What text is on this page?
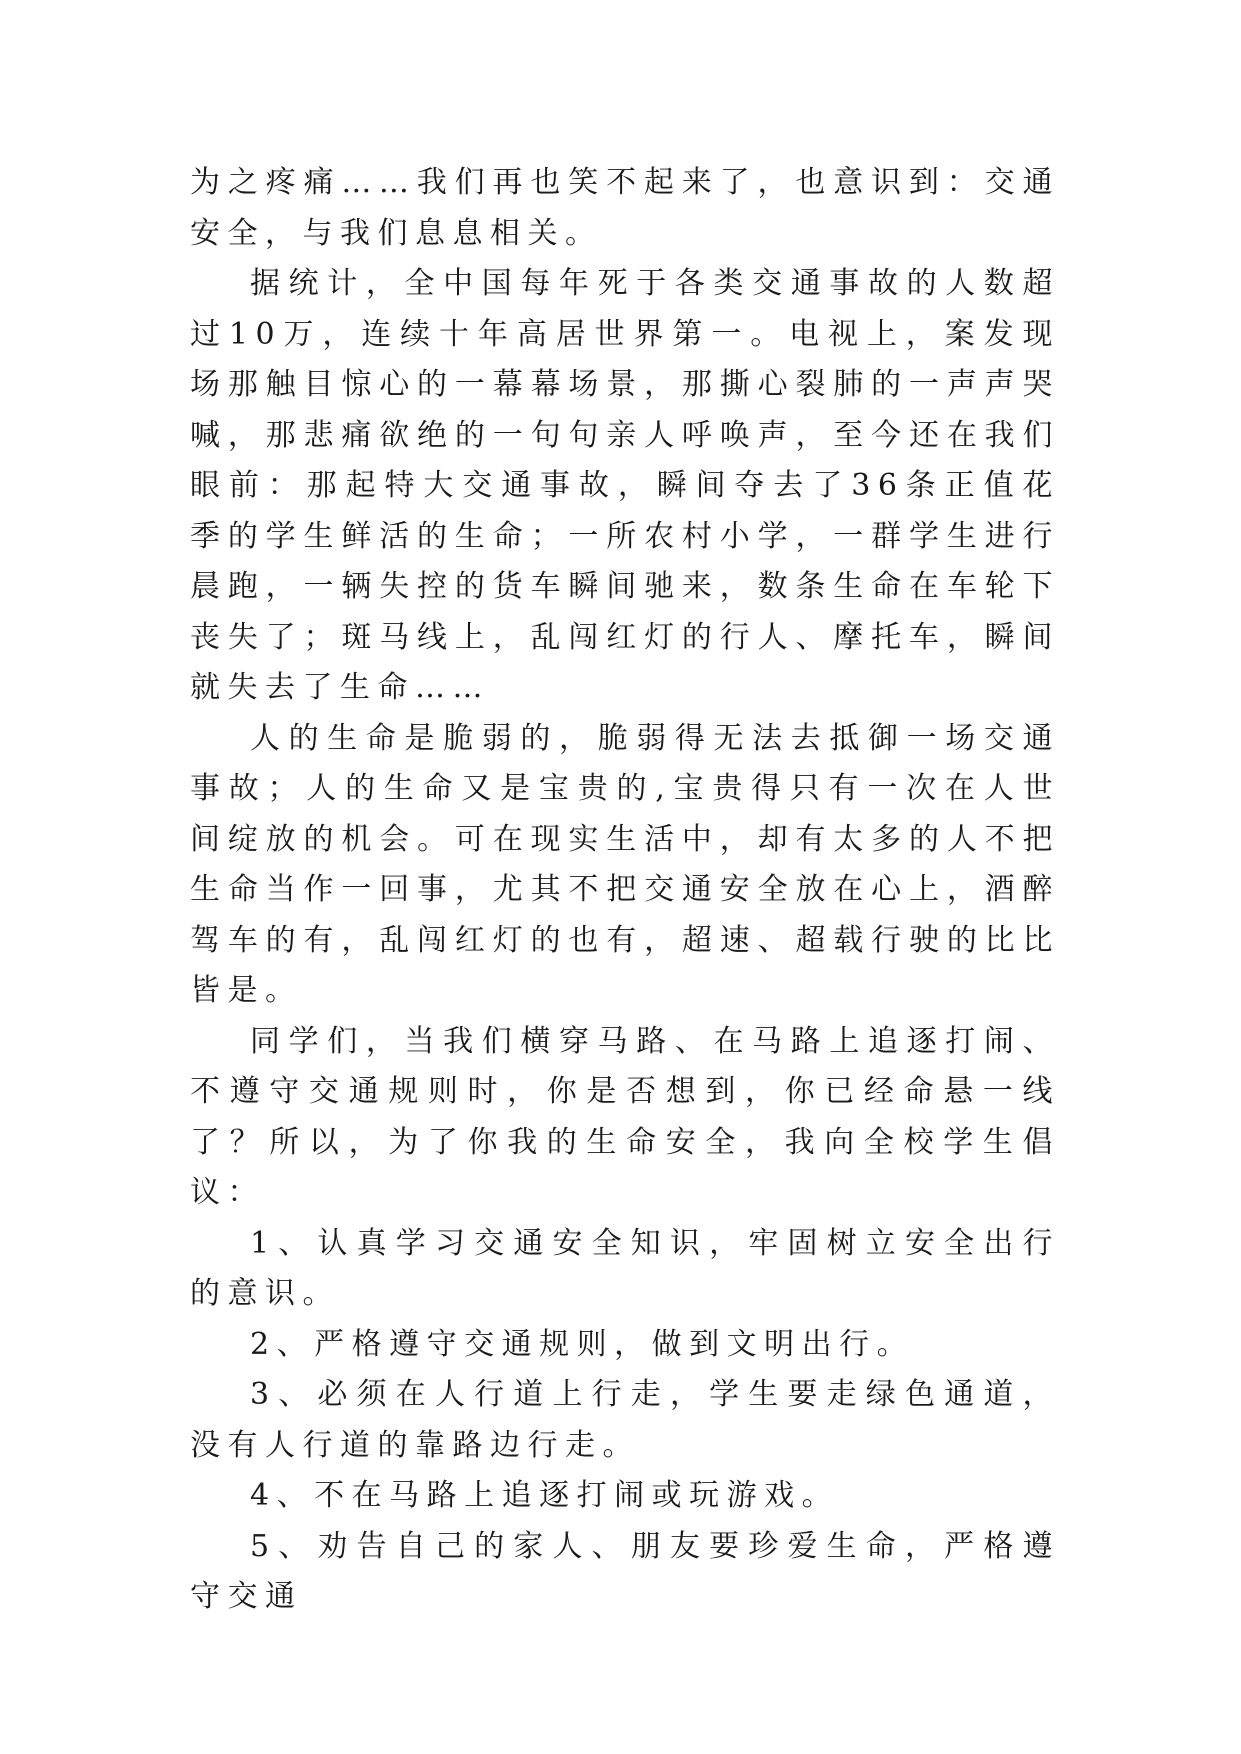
为之疼痛……我们再也笑不起来了，也意识到：交通安全，与我们息息相关。

据统计，全中国每年死于各类交通事故的人数超过10万，连续十年高居世界第一。电视上，案发现场那触目惊心的一幕幕场景，那撕心裂肺的一声声哭喊，那悲痛欲绝的一句句亲人呼唤声，至今还在我们眼前：那起特大交通事故，瞬间夺去了36条正值花季的学生鲜活的生命；一所农村小学，一群学生进行晨跑，一辆失控的货车瞬间驰来，数条生命在车轮下丧失了；斑马线上，乱闯红灯的行人、摩托车，瞬间就失去了生命……

人的生命是脆弱的，脆弱得无法去抵御一场交通事故；人的生命又是宝贵的,宝贵得只有一次在人世间绽放的机会。可在现实生活中，却有太多的人不把生命当作一回事，尤其不把交通安全放在心上，酒醉驾车的有，乱闯红灯的也有，超速、超载行驶的比比皆是。

同学们，当我们横穿马路、在马路上追逐打闹、不遵守交通规则时，你是否想到，你已经命悬一线了？所以，为了你我的生命安全，我向全校学生倡议：

1、认真学习交通安全知识，牢固树立安全出行的意识。

2、严格遵守交通规则，做到文明出行。

3、必须在人行道上行走，学生要走绿色通道，没有人行道的靠路边行走。

4、不在马路上追逐打闹或玩游戏。

5、劝告自己的家人、朋友要珍爱生命，严格遵守交通
